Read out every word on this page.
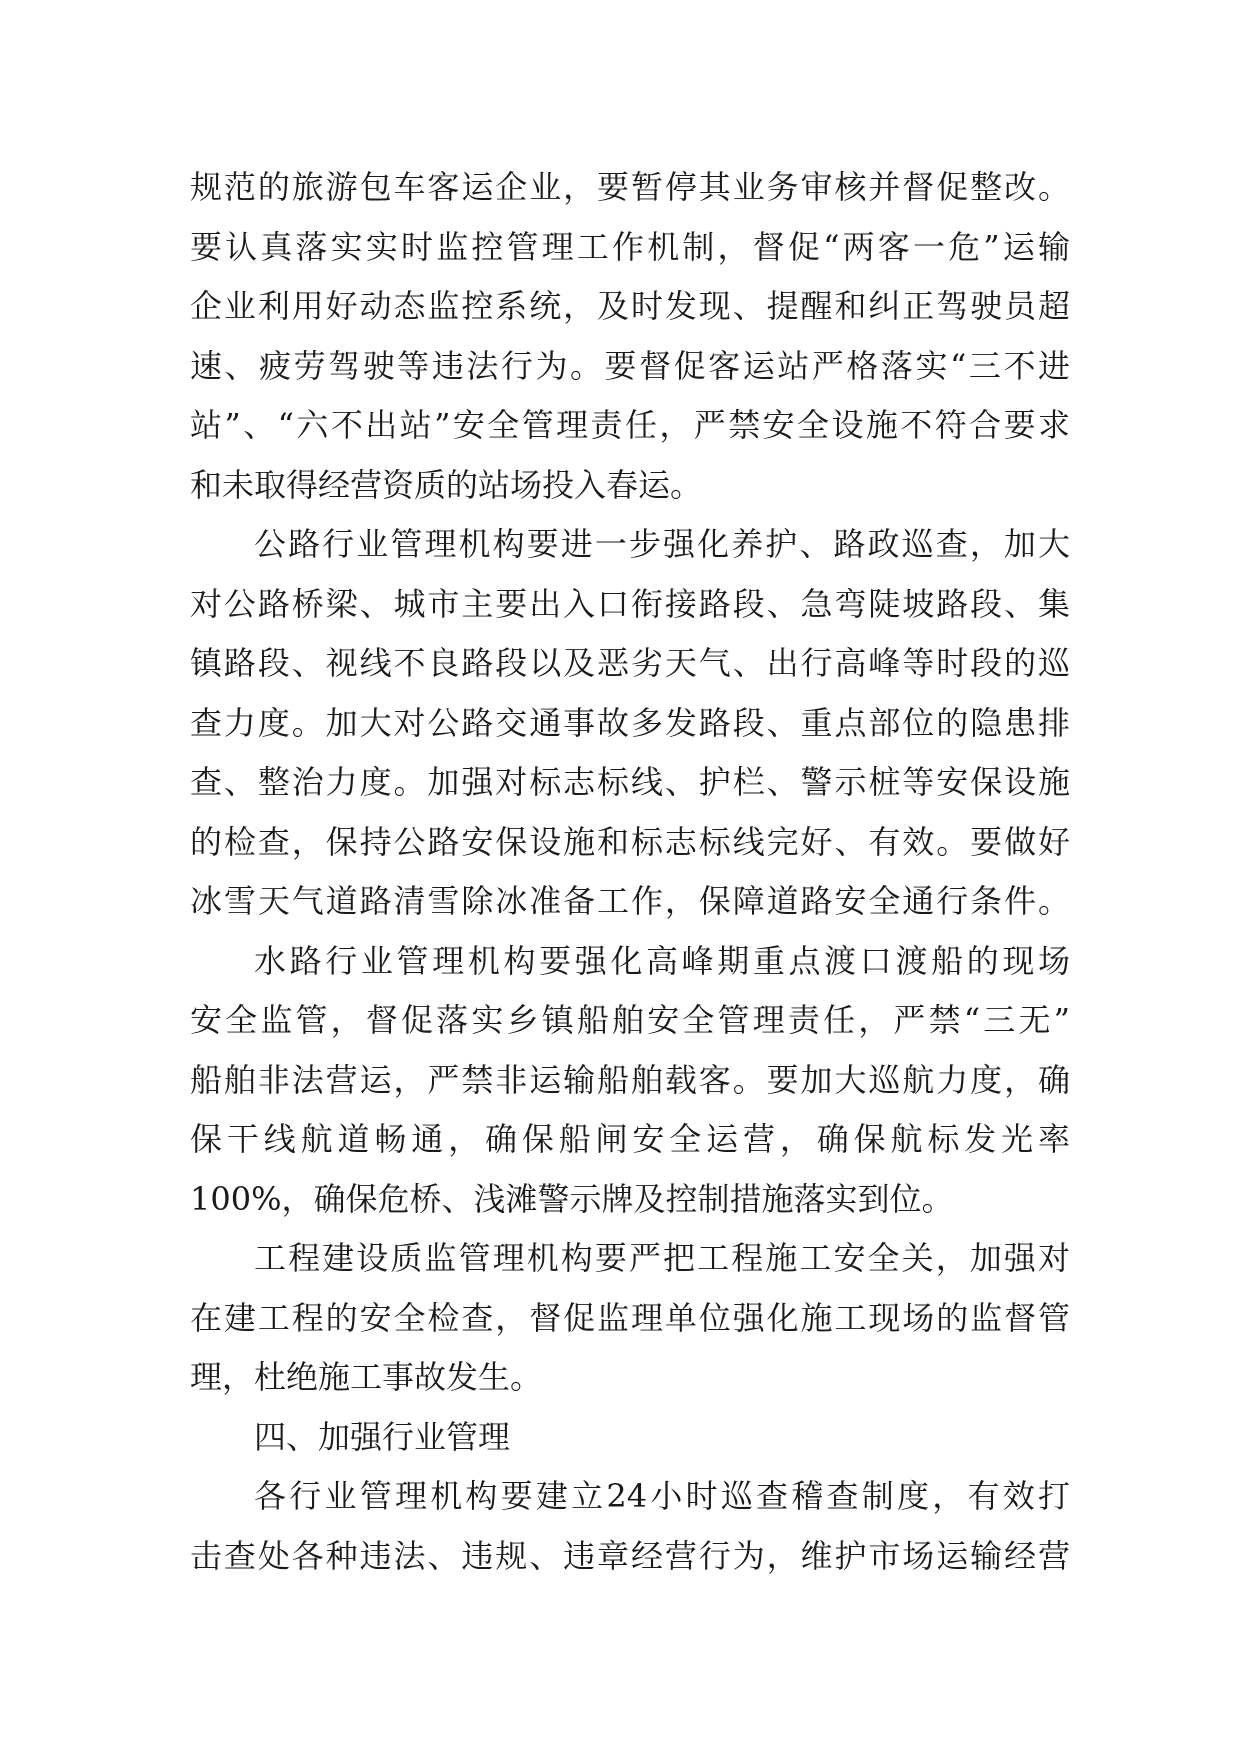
规范的旅游包车客运企业，要暂停其业务审核并督促整改。
要认真落实实时监控管理工作机制，督促“两客一危”运输
企业利用好动态监控系统，及时发现、提醒和纠正驾驶员超
速、疲劳驾驶等违法行为。要督促客运站严格落实“三不进
站”、“六不出站”安全管理责任，严禁安全设施不符合要求
和未取得经营资质的站场投入春运。
公路行业管理机构要进一步强化养护、路政巡查，加大
对公路桥梁、城市主要出入口衔接路段、急弯陡坡路段、集
镇路段、视线不良路段以及恶劣天气、出行高峰等时段的巡
查力度。加大对公路交通事故多发路段、重点部位的隐患排
查、整治力度。加强对标志标线、护栏、警示桩等安保设施
的检查，保持公路安保设施和标志标线完好、有效。要做好
冰雪天气道路清雪除冰准备工作，保障道路安全通行条件。
水路行业管理机构要强化高峰期重点渡口渡船的现场
安全监管，督促落实乡镇船舶安全管理责任，严禁“三无”
船舶非法营运，严禁非运输船舶载客。要加大巡航力度，确
保干线航道畅通，确保船闸安全运营，确保航标发光率
100%，确保危桥、浅滩警示牌及控制措施落实到位。
工程建设质监管理机构要严把工程施工安全关，加强对
在建工程的安全检查，督促监理单位强化施工现场的监督管
理，杜绝施工事故发生。
四、加强行业管理
各行业管理机构要建立24小时巡查稽查制度，有效打
击查处各种违法、违规、违章经营行为，维护市场运输经营
